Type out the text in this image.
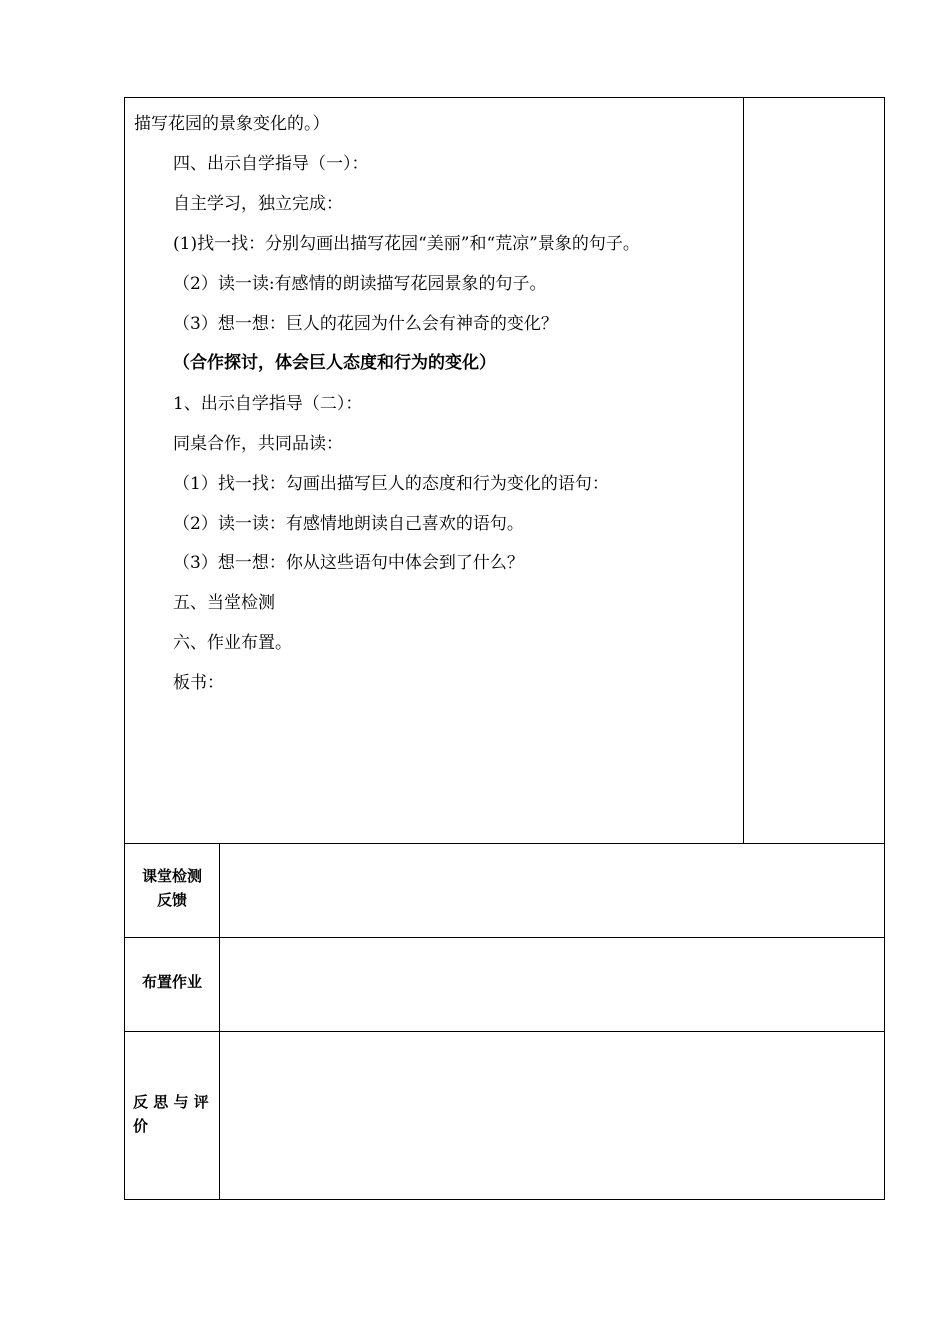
描写花园的景象变化的。）
四、出示自学指导（一）：
自主学习，独立完成：
(1)找一找：分别勾画出描写花园“美丽”和“荒凉”景象的句子。
（2）读一读:有感情的朗读描写花园景象的句子。
（3）想一想：巨人的花园为什么会有神奇的变化？
（合作探讨，体会巨人态度和行为的变化）
1、出示自学指导（二）：
同桌合作，共同品读：
（1）找一找：勾画出描写巨人的态度和行为变化的语句：
（2）读一读：有感情地朗读自己喜欢的语句。
（3）想一想：你从这些语句中体会到了什么？
五、当堂检测
六、作业布置。
板书：
课堂检测
反馈
布置作业
反 思 与 评
价
